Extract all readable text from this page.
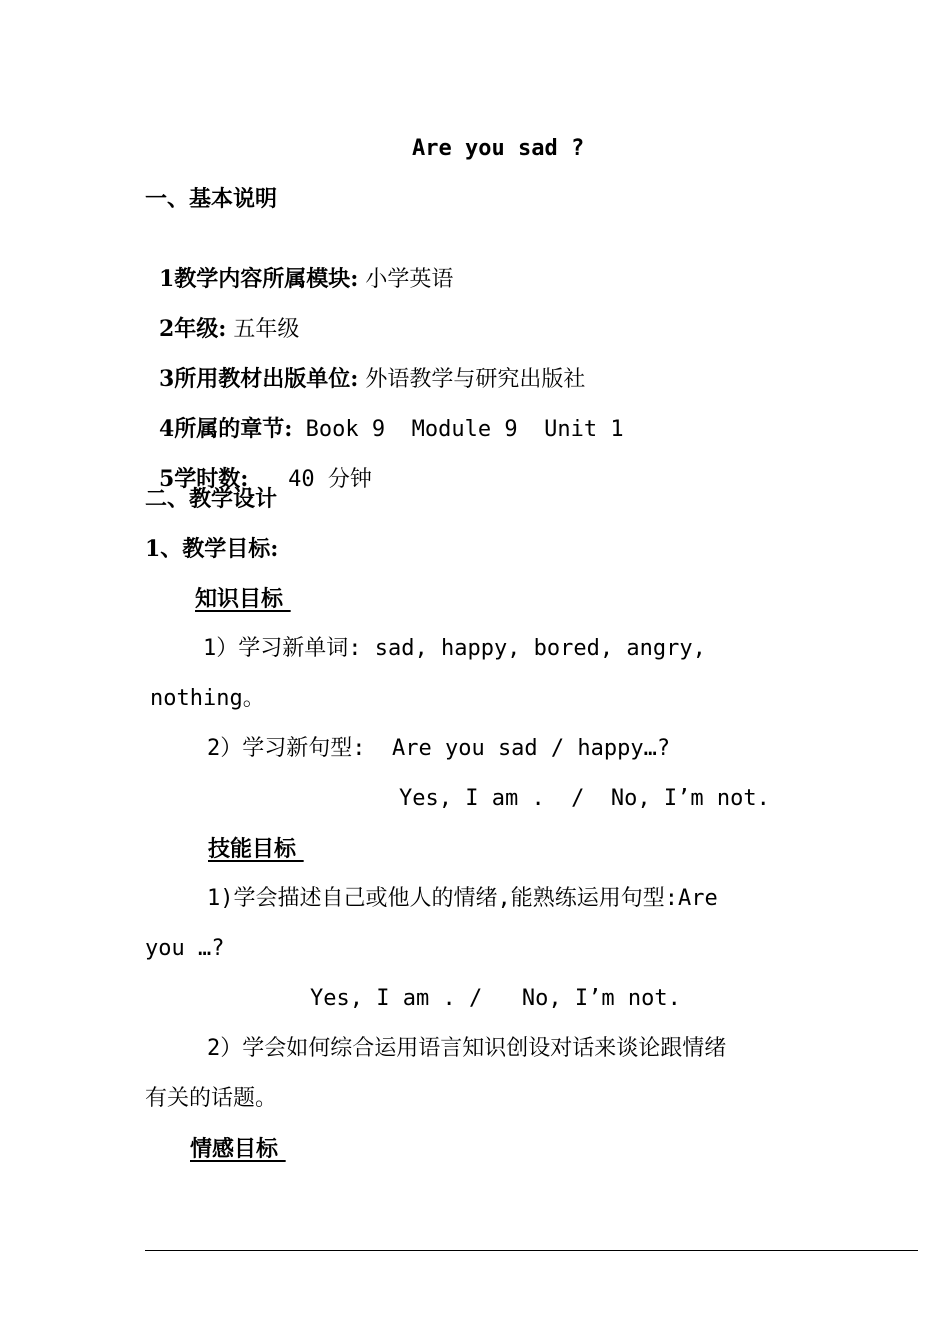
Are you sad ?
一、基本说明

1教学内容所属模块: 小学英语

2年级: 五年级

3所用教材出版单位: 外语教学与研究出版社

4所属的章节: Book 9  Module 9  Unit 1

5学时数:   40 分钟

二、教学设计
1、教学目标:
知识目标
1）学习新单词: sad, happy, bored, angry,
nothing。
2）学习新句型:  Are you sad / happy…?
Yes, I am .  /  No, I’m not.
技能目标
1)学会描述自己或他人的情绪,能熟练运用句型:Are
you …?
Yes, I am . /   No, I’m not.
2）学会如何综合运用语言知识创设对话来谈论跟情绪
有关的话题。
情感目标
